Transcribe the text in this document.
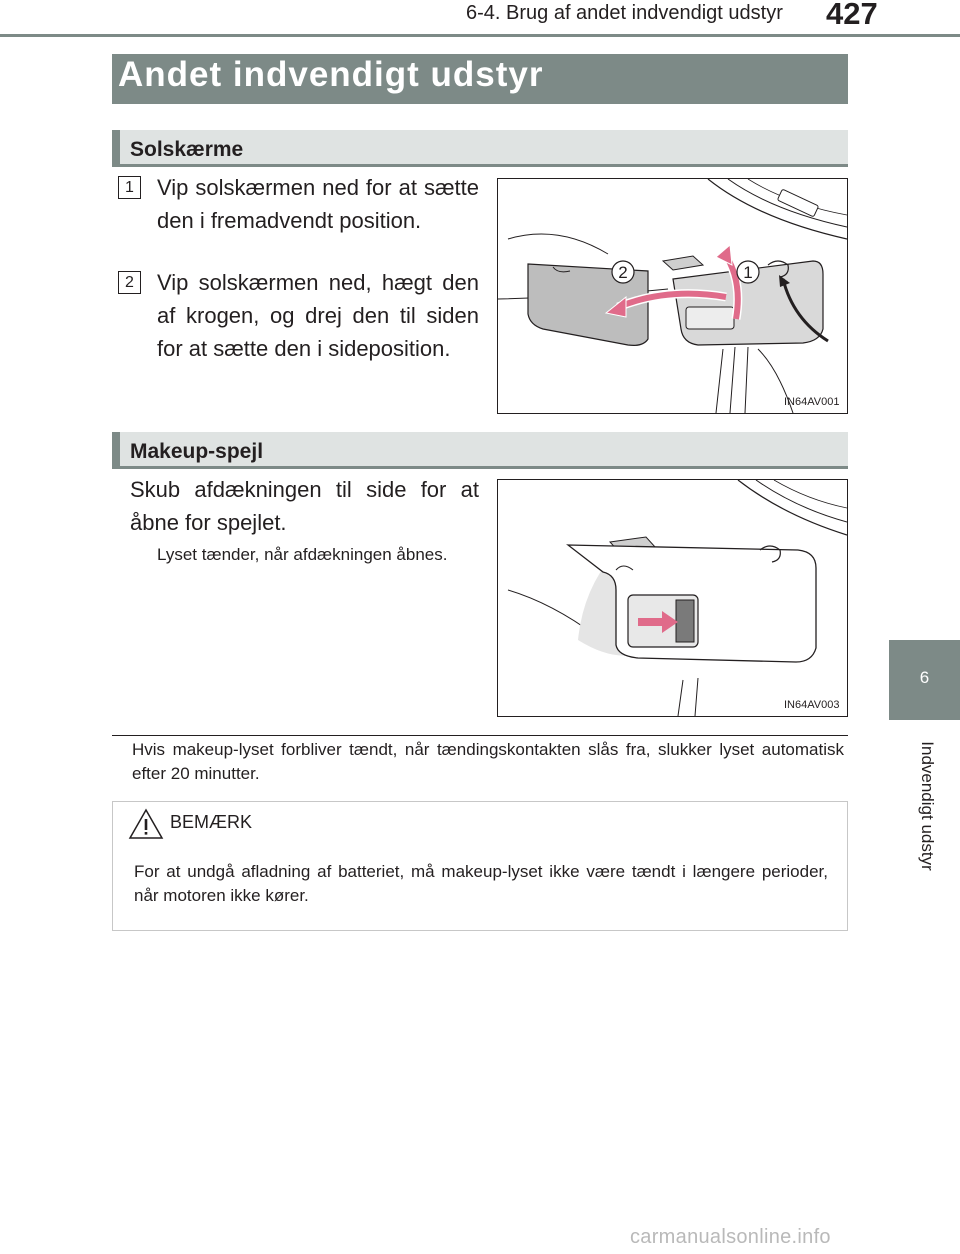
6-4. Brug af andet indvendigt udstyr 427
Andet indvendigt udstyr
Solskærme
1	Vip solskærmen ned for at sætte den i fremadvendt position.
2	Vip solskærmen ned, hægt den af krogen, og drej den til siden for at sætte den i sideposition.
2	1
IN64AV001
Makeup-spejl
Skub afdækningen til side for at åbne for spejlet.
Lyset tænder, når afdækningen åbnes.
IN64AV003
Hvis makeup-lyset forbliver tændt, når tændingskontakten slås fra, slukker lyset automatisk efter 20 minutter.
BEMÆRK
For at undgå afladning af batteriet, må makeup-lyset ikke være tændt i længere perioder, når motoren ikke kører.
6
Indvendigt udstyr
carmanualsonline.info
